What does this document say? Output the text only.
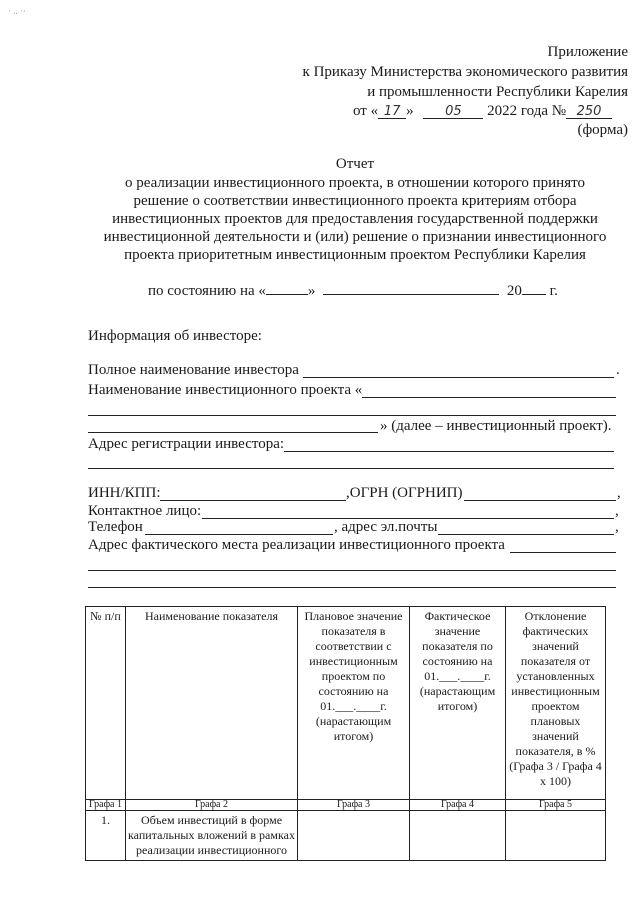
· .. ··
Приложение
к Приказу Министерства экономического развития
и промышленности Республики Карелия
от « 17 » 05 2022 года № 250
(форма)
Отчет
о реализации инвестиционного проекта, в отношении которого принято
решение о соответствии инвестиционного проекта критериям отбора
инвестиционных проектов для предоставления государственной поддержки
инвестиционной деятельности и (или) решение о признании инвестиционного
проекта приоритетным инвестиционным проектом Республики Карелия
по состоянию на «	»	20 г.
Информация об инвесторе:
Полное наименование инвестора	.
Наименование инвестиционного проекта «
» (далее – инвестиционный проект).
Адрес регистрации инвестора:
ИНН/КПП:	,ОГРН (ОГРНИП)	,
Контактное лицо:	,
Телефон	, адрес эл.почты	,
Адрес фактического места реализации инвестиционного проекта
№ п/п	Наименование показателя	Плановое значение показателя в соответствии с инвестиционным проектом по состоянию на 01.___.____г. (нарастающим итогом)	Фактическое значение показателя по состоянию на 01.___.____г. (нарастающим итогом)	Отклонение фактических значений показателя от установленных инвестиционным проектом плановых значений показателя, в % (Графа 3 / Графа 4 х 100)
Графа 1	Графа 2	Графа 3	Графа 4	Графа 5
1.	Объем инвестиций в форме капитальных вложений в рамках реализации инвестиционного			
